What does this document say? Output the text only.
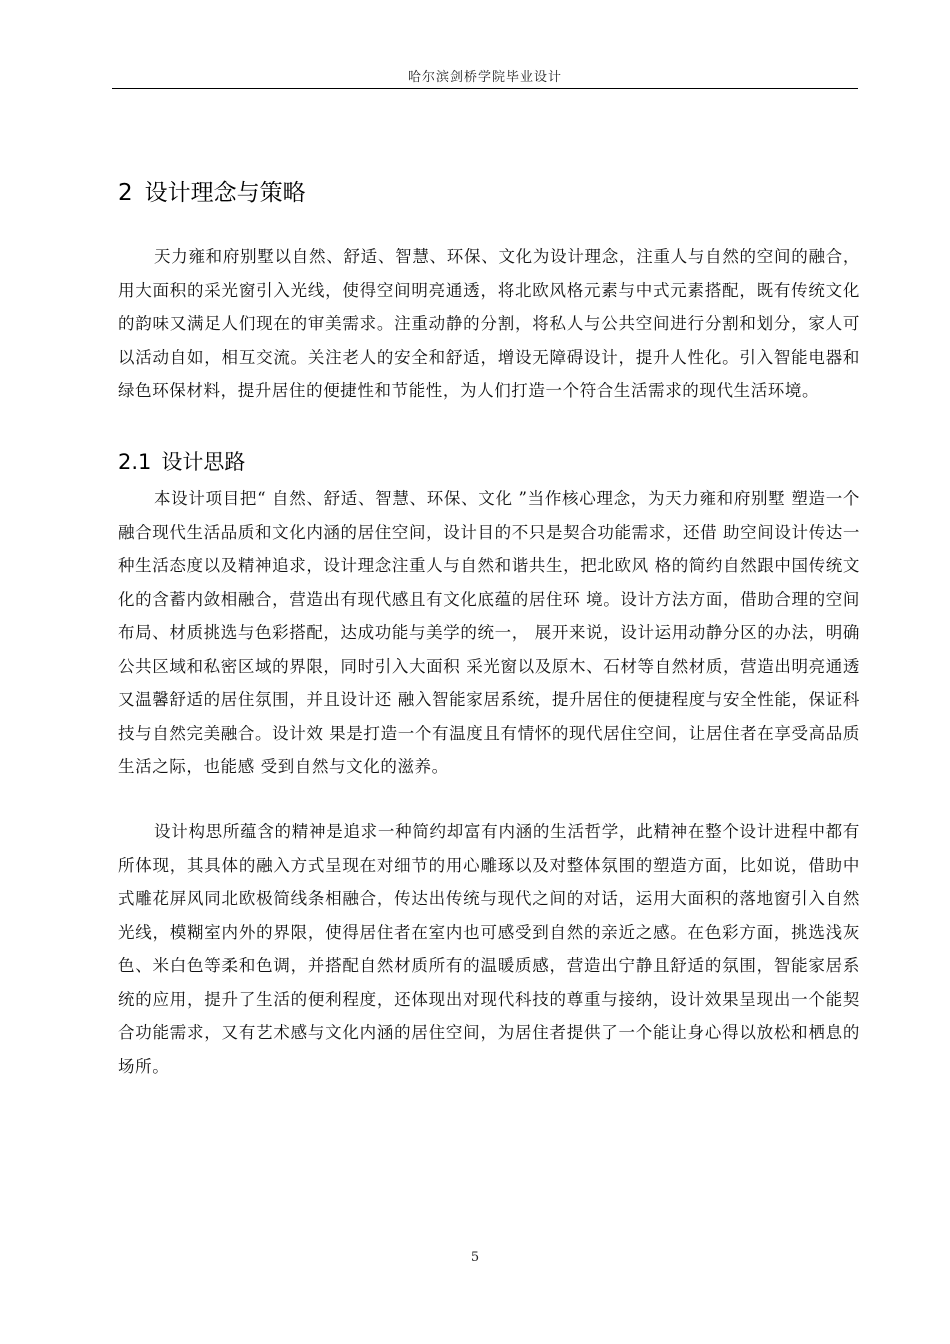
哈尔滨剑桥学院毕业设计
2 设计理念与策略

天力雍和府别墅以自然、舒适、智慧、环保、文化为设计理念，注重人与自然的空间的融合，用大面积的采光窗引入光线，使得空间明亮通透，将北欧风格元素与中式元素搭配，既有传统文化的韵味又满足人们现在的审美需求。注重动静的分割，将私人与公共空间进行分割和划分，家人可以活动自如，相互交流。关注老人的安全和舒适，增设无障碍设计，提升人性化。引入智能电器和绿色环保材料，提升居住的便捷性和节能性，为人们打造一个符合生活需求的现代生活环境。

2.1 设计思路

本设计项目把“ 自然、舒适、智慧、环保、文化 ”当作核心理念，为天力雍和府别墅 塑造一个融合现代生活品质和文化内涵的居住空间，设计目的不只是契合功能需求，还借 助空间设计传达一种生活态度以及精神追求，设计理念注重人与自然和谐共生，把北欧风 格的简约自然跟中国传统文化的含蓄内敛相融合，营造出有现代感且有文化底蕴的居住环 境。设计方法方面，借助合理的空间布局、材质挑选与色彩搭配，达成功能与美学的统一， 展开来说，设计运用动静分区的办法，明确公共区域和私密区域的界限，同时引入大面积 采光窗以及原木、石材等自然材质，营造出明亮通透又温馨舒适的居住氛围，并且设计还 融入智能家居系统，提升居住的便捷程度与安全性能，保证科技与自然完美融合。设计效 果是打造一个有温度且有情怀的现代居住空间，让居住者在享受高品质生活之际，也能感 受到自然与文化的滋养。

设计构思所蕴含的精神是追求一种简约却富有内涵的生活哲学，此精神在整个设计进程中都有所体现，其具体的融入方式呈现在对细节的用心雕琢以及对整体氛围的塑造方面，比如说，借助中式雕花屏风同北欧极简线条相融合，传达出传统与现代之间的对话，运用大面积的落地窗引入自然光线，模糊室内外的界限，使得居住者在室内也可感受到自然的亲近之感。在色彩方面，挑选浅灰色、米白色等柔和色调，并搭配自然材质所有的温暖质感，营造出宁静且舒适的氛围，智能家居系统的应用，提升了生活的便利程度，还体现出对现代科技的尊重与接纳，设计效果呈现出一个能契合功能需求，又有艺术感与文化内涵的居住空间，为居住者提供了一个能让身心得以放松和栖息的场所。

5
